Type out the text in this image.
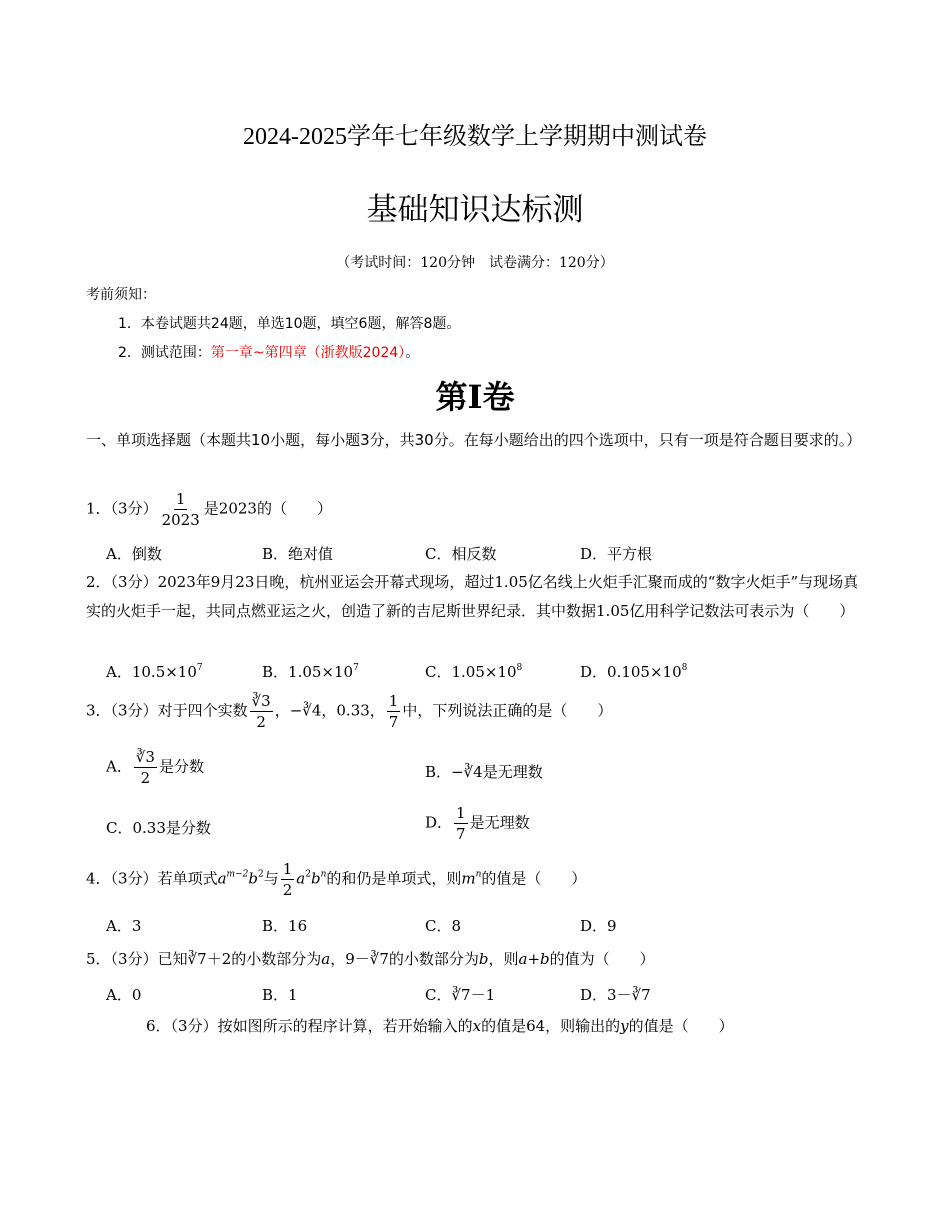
2024-2025学年七年级数学上学期期中测试卷
基础知识达标测
（考试时间：120分钟　试卷满分：120分）
考前须知：
1．本卷试题共24题，单选10题，填空6题，解答8题。
2．测试范围：第一章~第四章（浙教版2024）。
第Ⅰ卷
一、单项选择题（本题共10小题，每小题3分，共30分。在每小题给出的四个选项中，只有一项是符合题目要求的。）
1．（3分） $\frac{1}{2023}$ 是2023的（　　）
A．倒数	B．绝对值	C．相反数	D．平方根
2．（3分）2023年9月23日晚，杭州亚运会开幕式现场，超过1.05亿名线上火炬手汇聚而成的“数字火炬手”与现场真实的火炬手一起，共同点燃亚运之火，创造了新的吉尼斯世界纪录．其中数据1.05亿用科学记数法可表示为（　　）
A．$10.5\times 10^7$	B．$1.05\times 10^7$	C．$1.05\times 10^8$	D．$0.105\times 10^8$
3．（3分）对于四个实数 $\frac{∛3}{2}$ ，−∛4，0.33， $\frac{1}{7}$ 中，下列说法正确的是（　　）
A． $\frac{∛3}{2}$ 是分数	B．−∛4是无理数
C．0.33是分数	D． $\frac{1}{7}$ 是无理数
4．（3分）若单项式$a^{m-2}b^2$与 $\frac{1}{2} a^2b^n$的和仍是单项式，则$m^n$的值是（　　）
A．3	B．16	C．8	D．9
5．（3分）已知∛7＋2的小数部分为a，9－∛7的小数部分为b，则a+b的值为（　　）
A．0	B．1	C．∛7－1	D．3－∛7
6．（3分）按如图所示的程序计算，若开始输入的x的值是64，则输出的y的值是（　　）
